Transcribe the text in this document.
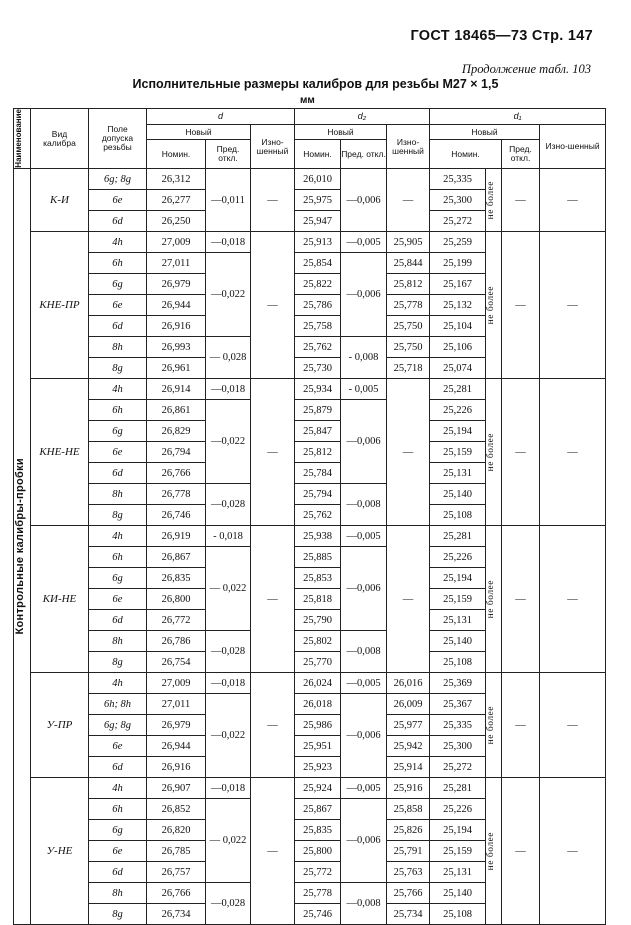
ГОСТ 18465—73 Стр. 147
Продолжение табл. 103
Исполнительные размеры калибров для резьбы М27 × 1,5
мм
Наименование	Вид калибра	Поле допуска резьбы	d			d₂			d₁			
			Новый		Изно-шенный	Новый		Изно-шенный	Новый			Изно-шенный
			Номин.	Пред. откл.		Номин.	Пред. откл.		Номин.		Пред. откл.	

Контрольные калибры-пробки	К-И	6g; 8g	26,312	—0,011	—	26,010	—0,006	—	25,335	не более	—	—
		6e	26,277			25,975			25,300			
		6d	26,250			25,947			25,272			
	КНЕ-ПР	4h	27,009	—0,018	—	25,913	—0,005	25,905	25,259	не более	—	—
		6h	27,011	—0,022		25,854	—0,006	25,844	25,199			
		6g	26,979			25,822		25,812	25,167			
		6e	26,944			25,786		25,778	25,132			
		6d	26,916			25,758		25,750	25,104			
		8h	26,993	— 0,028		25,762	- 0,008	25,750	25,106			
		8g	26,961			25,730		25,718	25,074			
	КНЕ-НЕ	4h	26,914	—0,018	—	25,934	- 0,005	—	25,281	не более	—	—
		6h	26,861	—0,022		25,879	—0,006		25,226			
		6g	26,829			25,847			25,194			
		6e	26,794			25,812			25,159			
		6d	26,766			25,784			25,131			
		8h	26,778	—0,028		25,794	—0,008		25,140			
		8g	26,746			25,762			25,108			
	КИ-НЕ	4h	26,919	- 0,018	—	25,938	—0,005	—	25,281	не более	—	—
		6h	26,867	— 0,022		25,885	—0,006		25,226			
		6g	26,835			25,853			25,194			
		6e	26,800			25,818			25,159			
		6d	26,772			25,790			25,131			
		8h	26,786	—0,028		25,802	—0,008		25,140			
		8g	26,754			25,770			25,108			
	У-ПР	4h	27,009	—0,018	—	26,024	—0,005	26,016	25,369	не более	—	—
		6h; 8h	27,011	—0,022		26,018	—0,006	26,009	25,367			
		6g; 8g	26,979			25,986		25,977	25,335			
		6e	26,944			25,951		25,942	25,300			
		6d	26,916			25,923		25,914	25,272			
	У-НЕ	4h	26,907	—0,018	—	25,924	—0,005	25,916	25,281	не более	—	—
		6h	26,852	— 0,022		25,867	—0,006	25,858	25,226			
		6g	26,820			25,835		25,826	25,194			
		6e	26,785			25,800		25,791	25,159			
		6d	26,757			25,772		25,763	25,131			
		8h	26,766	—0,028		25,778	—0,008	25,766	25,140			
		8g	26,734			25,746		25,734	25,108			
